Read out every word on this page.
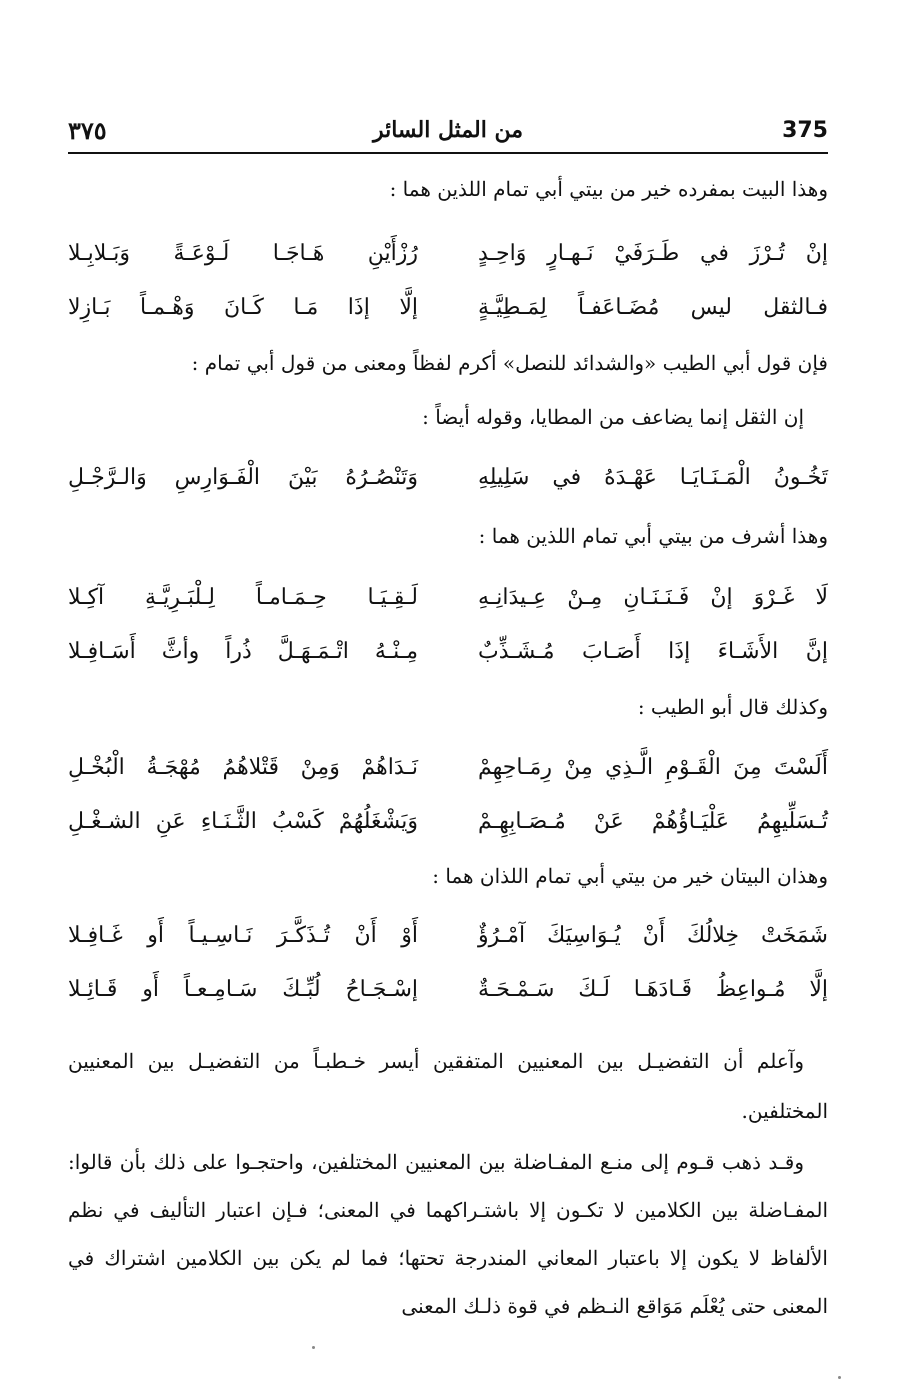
375
من المثل السائر
٣٧٥
وهذا البيت بمفرده خير من بيتي أبي تمام اللذين هما :
إنْ تُـرْزَ في طَـرَفَيْ نَـهـارٍ وَاحِـدٍ
رُزْأَيْنِ هَـاجَـا لَـوْعَـةً وَبَـلابِـلا
فـالثقل ليس مُضَـاعَفـاً لِمَـطِيَّـةٍ
إلَّا إذَا مَـا كَـانَ وَهْـمـاً بَـازِلا
فإن قول أبي الطيب «والشدائد للنصل» أكرم لفظاً ومعنى من قول أبي تمام :
إن الثقل إنما يضاعف من المطايا، وقوله أيضاً :
تَخُـونُ الْمَـنَـايَـا عَهْـدَهُ في سَلِيلِهِ
وَتَنْصُـرُهُ بَيْنَ الْفَـوَارِسِ وَالـرَّجْـلِ
وهذا أشرف من بيتي أبي تمام اللذين هما :
لَا غَـرْوَ إنْ فَـنَـنَـانِ مِـنْ عِـيدَانِـهِ
لَـقِـيَـا حِـمَـامـاً لِـلْبَـرِيَّـةِ آكِـلا
إنَّ الأَشَـاءَ إذَا أَصَـابَ مُـشَـذِّبٌ
مِـنْـهُ اتْـمَـهَـلَّ ذُراً وأثَّ أَسَـافِـلا
وكذلك قال أبو الطيب :
أَلَسْتَ مِنَ الْقَـوْمِ الَّـذِي مِنْ رِمَـاحِهِمْ
نَـدَاهُمْ وَمِنْ قَتْلاهُمُ مُهْجَـةُ الْبُخْـلِ
تُـسَلِّيهِمُ عَلْيَـاؤُهُمْ عَنْ مُـصَـابِهِـمْ
وَيَشْغَلُهُمْ كَسْبُ الثَّـنَـاءِ عَنِ الشـغْـلِ
وهذان البيتان خير من بيتي أبي تمام اللذان هما :
شَمَخَتْ خِلالُكَ أَنْ يُـوَاسِيَكَ آمْـرُؤٌ
أَوْ أَنْ تُـذَكَّـرَ نَـاسِـيـاً أَو غَـافِـلا
إلَّا مُـواعِظُ قَـادَهَـا لَـكَ سَـمْـحَـةٌ
إسْـجَـاحُ لُبِّـكَ سَـامِـعـاً أَو قَـائِـلا
وآعلم أن التفضيـل بين المعنيين المتفقين أيسر خـطبـاً من التفضيـل بين المعنيين المختلفين.
وقـد ذهب قـوم إلى منـع المفـاضلة بين المعنيين المختلفين، واحتجـوا على ذلك بأن قالوا: المفـاضلة بين الكلامين لا تكـون إلا باشتـراكهما في المعنى؛ فـإن اعتبار التأليف في نظم الألفاظ لا يكون إلا باعتبار المعاني المندرجة تحتها؛ فما لم يكن بين الكلامين اشتراك في المعنى حتى يُعْلَم مَوَاقع النـظم في قوة ذلـك المعنى
